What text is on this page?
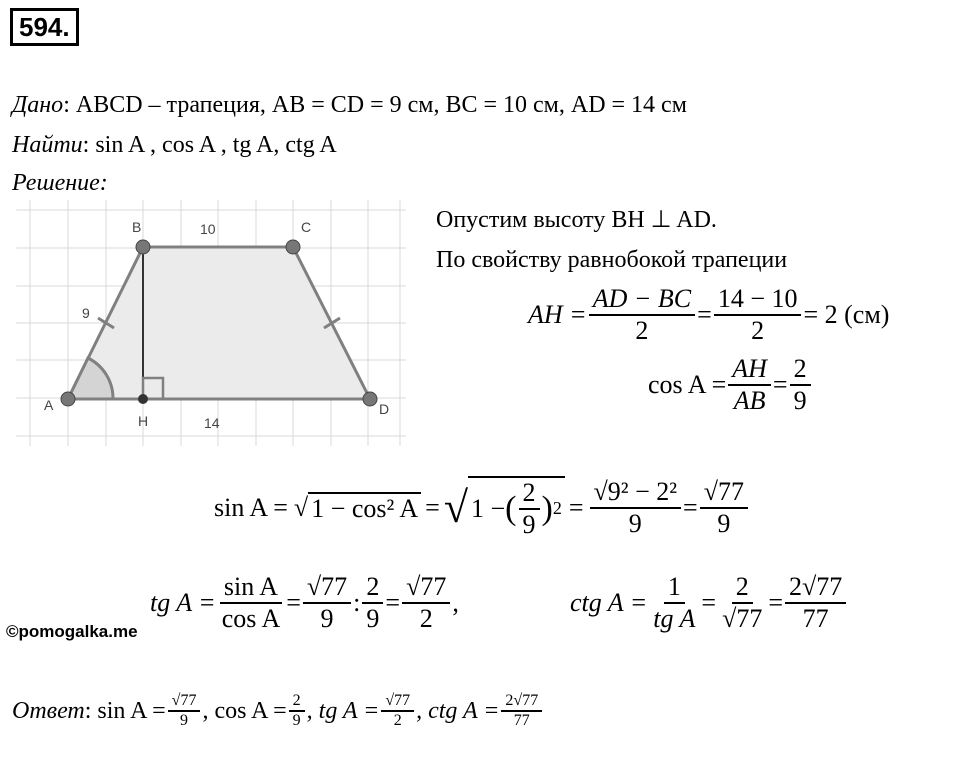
594.
Дано: ABCD – трапеция, AB = CD = 9 см, BC = 10 см, AD = 14 см
Найти: sin A , cos A , tg A, ctg A
Решение:
A
B	C
D
H
10
9
14
Опустим высоту BH ⊥ AD.
По свойству равнобокой трапеции
AH = $\frac{AD - BC}{2} = \frac{14 - 10}{2} = 2$ (см)
$\cos A = \frac{AH}{AB} = \frac{2}{9}$
sin A = √ 1 − cos² A = √ 1 − ( $\frac{2}{9}$ ) $2 = \frac{\text{√9² − 2²}}{9} = \frac{√77}{9}$
tg $A = \frac{\text{sin A}}{\text{cos A}} = \frac{√77}{9}$ : $\frac{2}{9} = \frac{√77}{2}$ ,	ctg $A = \frac{1}{\text{tg A}} = \frac{2}{√77} = \frac{2√77}{77}$
©pomogalka.me
Ответ : $\sin A = \frac{√77}{9}$ , $\cos A = \frac{2}{9}$ , tg $A = \frac{√77}{2}$ , ctg $A = \frac{2√77}{77}$
